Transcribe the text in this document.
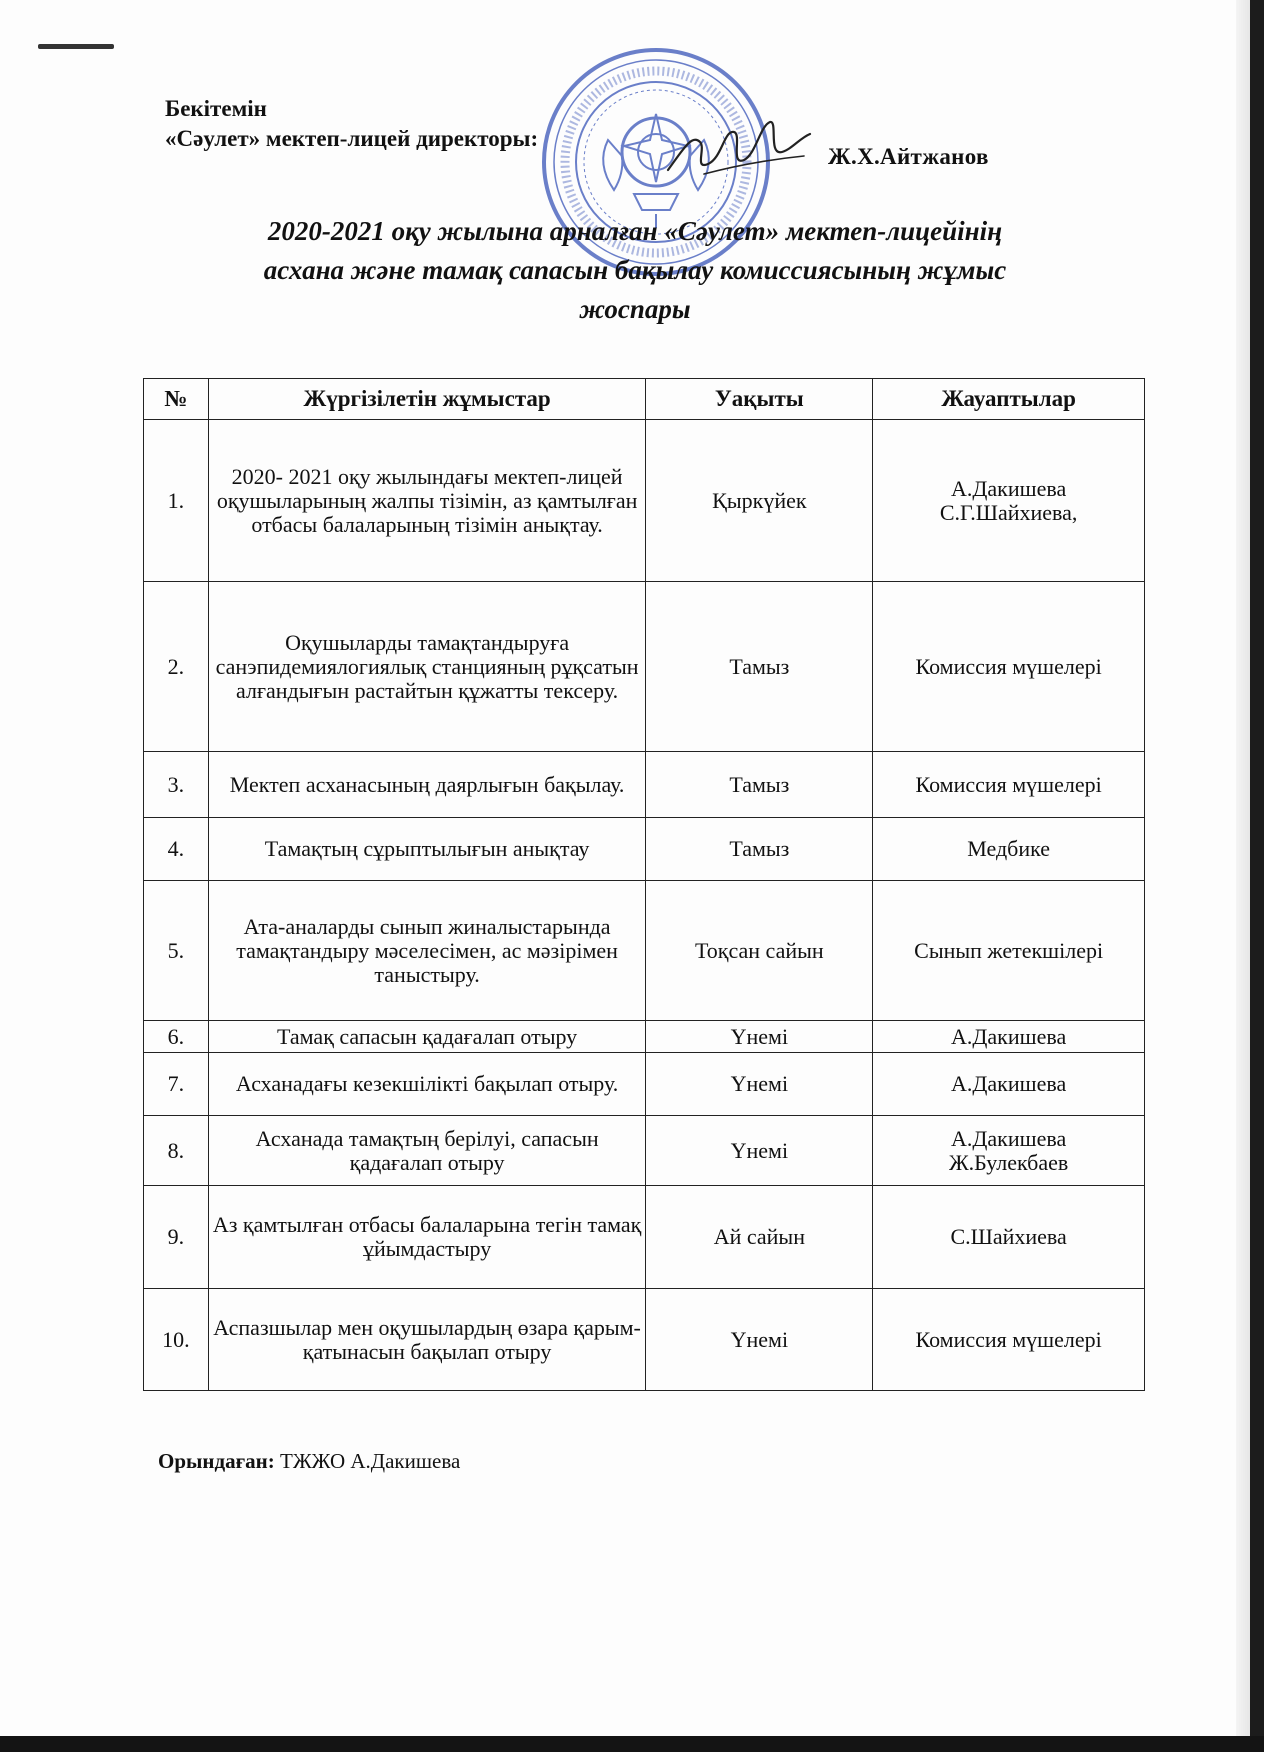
Бекітемін
«Сәулет» мектеп-лицей директоры:
Ж.Х.Айтжанов
2020-2021 оқу жылына арналған «Сәулет» мектеп-лицейінің
асхана және тамақ сапасын бақылау комиссиясының жұмыс
жоспары
№	Жүргізілетін жұмыстар	Уақыты	Жауаптылар
1.	2020- 2021 оқу жылындағы мектеп-лицей оқушыларының жалпы тізімін, аз қамтылған отбасы балаларының тізімін анықтау.	Қыркүйек	А.Дакишева
С.Г.Шайхиева,

2.	Оқушыларды тамақтандыруға санэпидемиялогиялық станцияның рұқсатын алғандығын растайтын құжатты тексеру.	Тамыз	Комиссия мүшелері

3.	Мектеп асханасының даярлығын бақылау.	Тамыз	Комиссия мүшелері

4.	Тамақтың сұрыптылығын анықтау	Тамыз	Медбике

5.	Ата-аналарды сынып жиналыстарында тамақтандыру мәселесімен, ас мәзірімен таныстыру.	Тоқсан сайын	Сынып жетекшілері

6.	Тамақ сапасын қадағалап отыру	Үнемі	А.Дакишева

7.	Асханадағы кезекшілікті бақылап отыру.	Үнемі	А.Дакишева

8.	Асханада тамақтың берілуі, сапасын қадағалап отыру	Үнемі	А.Дакишева
Ж.Булекбаев

9.	Аз қамтылған отбасы балаларына тегін тамақ ұйымдастыру	Ай сайын	С.Шайхиева

10.	Аспазшылар мен оқушылардың өзара қарым-қатынасын бақылап отыру	Үнемі	Комиссия мүшелері
Орындаған: ТЖЖО А.Дакишева
